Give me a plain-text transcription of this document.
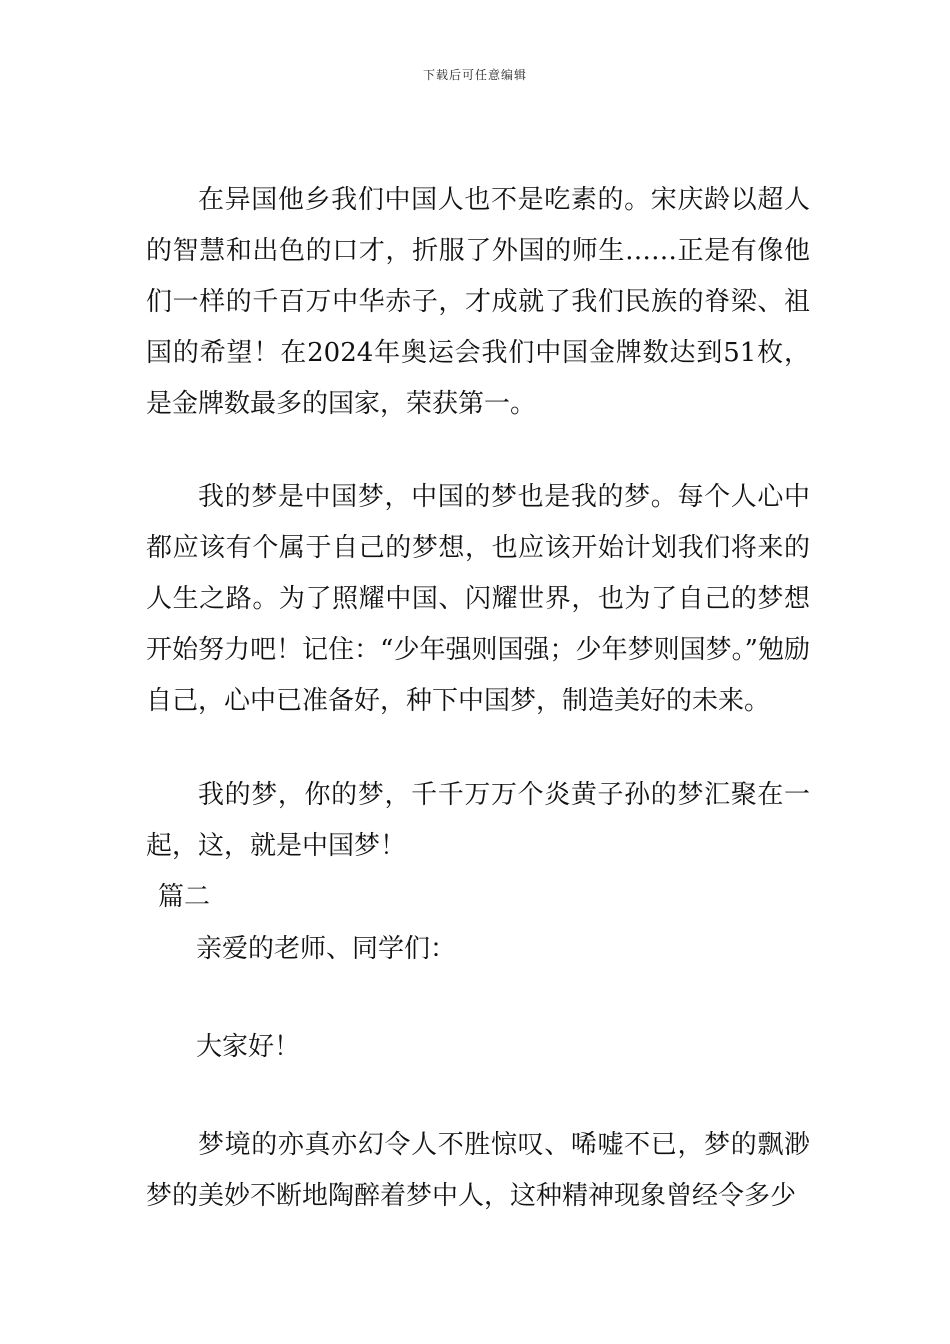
下载后可任意编辑

在异国他乡我们中国人也不是吃素的。宋庆龄以超人的智慧和出色的口才，折服了外国的师生……正是有像他们一样的千百万中华赤子，才成就了我们民族的脊梁、祖国的希望！在2024年奥运会我们中国金牌数达到51枚，是金牌数最多的国家，荣获第一。

我的梦是中国梦，中国的梦也是我的梦。每个人心中都应该有个属于自己的梦想，也应该开始计划我们将来的人生之路。为了照耀中国、闪耀世界，也为了自己的梦想开始努力吧！记住：“少年强则国强；少年梦则国梦。”勉励自己，心中已准备好，种下中国梦，制造美好的未来。

我的梦，你的梦，千千万万个炎黄子孙的梦汇聚在一起，这，就是中国梦！

篇二

亲爱的老师、同学们：

大家好！

梦境的亦真亦幻令人不胜惊叹、唏嘘不已，梦的飘渺梦的美妙不断地陶醉着梦中人，这种精神现象曾经令多少
